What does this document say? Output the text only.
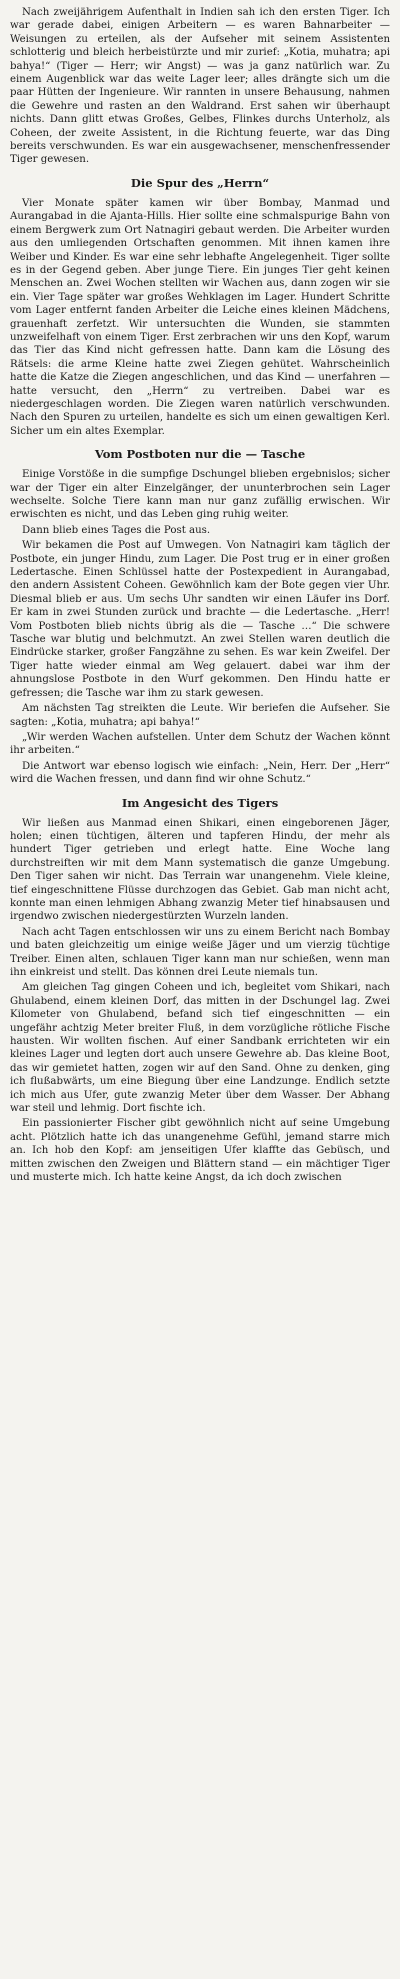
Nach zweijährigem Aufenthalt in Indien sah ich den ersten Tiger. Ich war gerade dabei, einigen Arbeitern — es waren Bahnarbeiter — Weisungen zu erteilen, als der Aufseher mit seinem Assistenten schlotterig und bleich herbeistürzte und mir zurief: „Kotia, muhatra; api bahya!“ (Tiger — Herr; wir Angst) — was ja ganz natürlich war. Zu einem Augenblick war das weite Lager leer; alles drängte sich um die paar Hütten der Ingenieure. Wir rannten in unsere Behausung, nahmen die Gewehre und rasten an den Waldrand. Erst sahen wir überhaupt nichts. Dann glitt etwas Großes, Gelbes, Flinkes durchs Unterholz, als Coheen, der zweite Assistent, in die Richtung feuerte, war das Ding bereits verschwunden. Es war ein ausgewachsener, menschenfressender Tiger gewesen.

Die Spur des „Herrn“

Vier Monate später kamen wir über Bombay, Manmad und Aurangabad in die Ajanta-Hills. Hier sollte eine schmalspurige Bahn von einem Bergwerk zum Ort Natnagiri gebaut werden. Die Arbeiter wurden aus den umliegenden Ortschaften genommen. Mit ihnen kamen ihre Weiber und Kinder. Es war eine sehr lebhafte Angelegenheit. Tiger sollte es in der Gegend geben. Aber junge Tiere. Ein junges Tier geht keinen Menschen an. Zwei Wochen stellten wir Wachen aus, dann zogen wir sie ein. Vier Tage später war großes Wehklagen im Lager. Hundert Schritte vom Lager entfernt fanden Arbeiter die Leiche eines kleinen Mädchens, grauenhaft zerfetzt. Wir untersuchten die Wunden, sie stammten unzweifelhaft von einem Tiger. Erst zerbrachen wir uns den Kopf, warum das Tier das Kind nicht gefressen hatte. Dann kam die Lösung des Rätsels: die arme Kleine hatte zwei Ziegen gehütet. Wahrscheinlich hatte die Katze die Ziegen angeschlichen, und das Kind — unerfahren — hatte versucht, den „Herrn“ zu vertreiben. Dabei war es niedergeschlagen worden. Die Ziegen waren natürlich verschwunden. Nach den Spuren zu urteilen, handelte es sich um einen gewaltigen Kerl. Sicher um ein altes Exemplar.

Vom Postboten nur die — Tasche

Einige Vorstöße in die sumpfige Dschungel blieben ergebnislos; sicher war der Tiger ein alter Einzelgänger, der ununterbrochen sein Lager wechselte. Solche Tiere kann man nur ganz zufällig erwischen. Wir erwischten es nicht, und das Leben ging ruhig weiter.

Dann blieb eines Tages die Post aus.

Wir bekamen die Post auf Umwegen. Von Natnagiri kam täglich der Postbote, ein junger Hindu, zum Lager. Die Post trug er in einer großen Ledertasche. Einen Schlüssel hatte der Postexpedient in Aurangabad, den andern Assistent Coheen. Gewöhnlich kam der Bote gegen vier Uhr. Diesmal blieb er aus. Um sechs Uhr sandten wir einen Läufer ins Dorf. Er kam in zwei Stunden zurück und brachte — die Ledertasche. „Herr! Vom Postboten blieb nichts übrig als die — Tasche …“ Die schwere Tasche war blutig und belchmutzt. An zwei Stellen waren deutlich die Eindrücke starker, großer Fangzähne zu sehen. Es war kein Zweifel. Der Tiger hatte wieder einmal am Weg gelauert. dabei war ihm der ahnungslose Postbote in den Wurf gekommen. Den Hindu hatte er gefressen; die Tasche war ihm zu stark gewesen.

Am nächsten Tag streikten die Leute. Wir beriefen die Aufseher. Sie sagten: „Kotia, muhatra; api bahya!“

„Wir werden Wachen aufstellen. Unter dem Schutz der Wachen könnt ihr arbeiten.“

Die Antwort war ebenso logisch wie einfach: „Nein, Herr. Der „Herr“ wird die Wachen fressen, und dann find wir ohne Schutz.“

Im Angesicht des Tigers

Wir ließen aus Manmad einen Shikari, einen eingeborenen Jäger, holen; einen tüchtigen, älteren und tapferen Hindu, der mehr als hundert Tiger getrieben und erlegt hatte. Eine Woche lang durchstreiften wir mit dem Mann systematisch die ganze Umgebung. Den Tiger sahen wir nicht. Das Terrain war unangenehm. Viele kleine, tief eingeschnittene Flüsse durchzogen das Gebiet. Gab man nicht acht, konnte man einen lehmigen Abhang zwanzig Meter tief hinabsausen und irgendwo zwischen niedergestürzten Wurzeln landen.

Nach acht Tagen entschlossen wir uns zu einem Bericht nach Bombay und baten gleichzeitig um einige weiße Jäger und um vierzig tüchtige Treiber. Einen alten, schlauen Tiger kann man nur schießen, wenn man ihn einkreist und stellt. Das können drei Leute niemals tun.

Am gleichen Tag gingen Coheen und ich, begleitet vom Shikari, nach Ghulabend, einem kleinen Dorf, das mitten in der Dschungel lag. Zwei Kilometer von Ghulabend, befand sich tief eingeschnitten — ein ungefähr achtzig Meter breiter Fluß, in dem vorzügliche rötliche Fische hausten. Wir wollten fischen. Auf einer Sandbank errichteten wir ein kleines Lager und legten dort auch unsere Gewehre ab. Das kleine Boot, das wir gemietet hatten, zogen wir auf den Sand. Ohne zu denken, ging ich flußabwärts, um eine Biegung über eine Landzunge. Endlich setzte ich mich aus Ufer, gute zwanzig Meter über dem Wasser. Der Abhang war steil und lehmig. Dort fischte ich.

Ein passionierter Fischer gibt gewöhnlich nicht auf seine Umgebung acht. Plötzlich hatte ich das unangenehme Gefühl, jemand starre mich an. Ich hob den Kopf: am jenseitigen Ufer klaffte das Gebüsch, und mitten zwischen den Zweigen und Blättern stand — ein mächtiger Tiger und musterte mich. Ich hatte keine Angst, da ich doch zwischen
